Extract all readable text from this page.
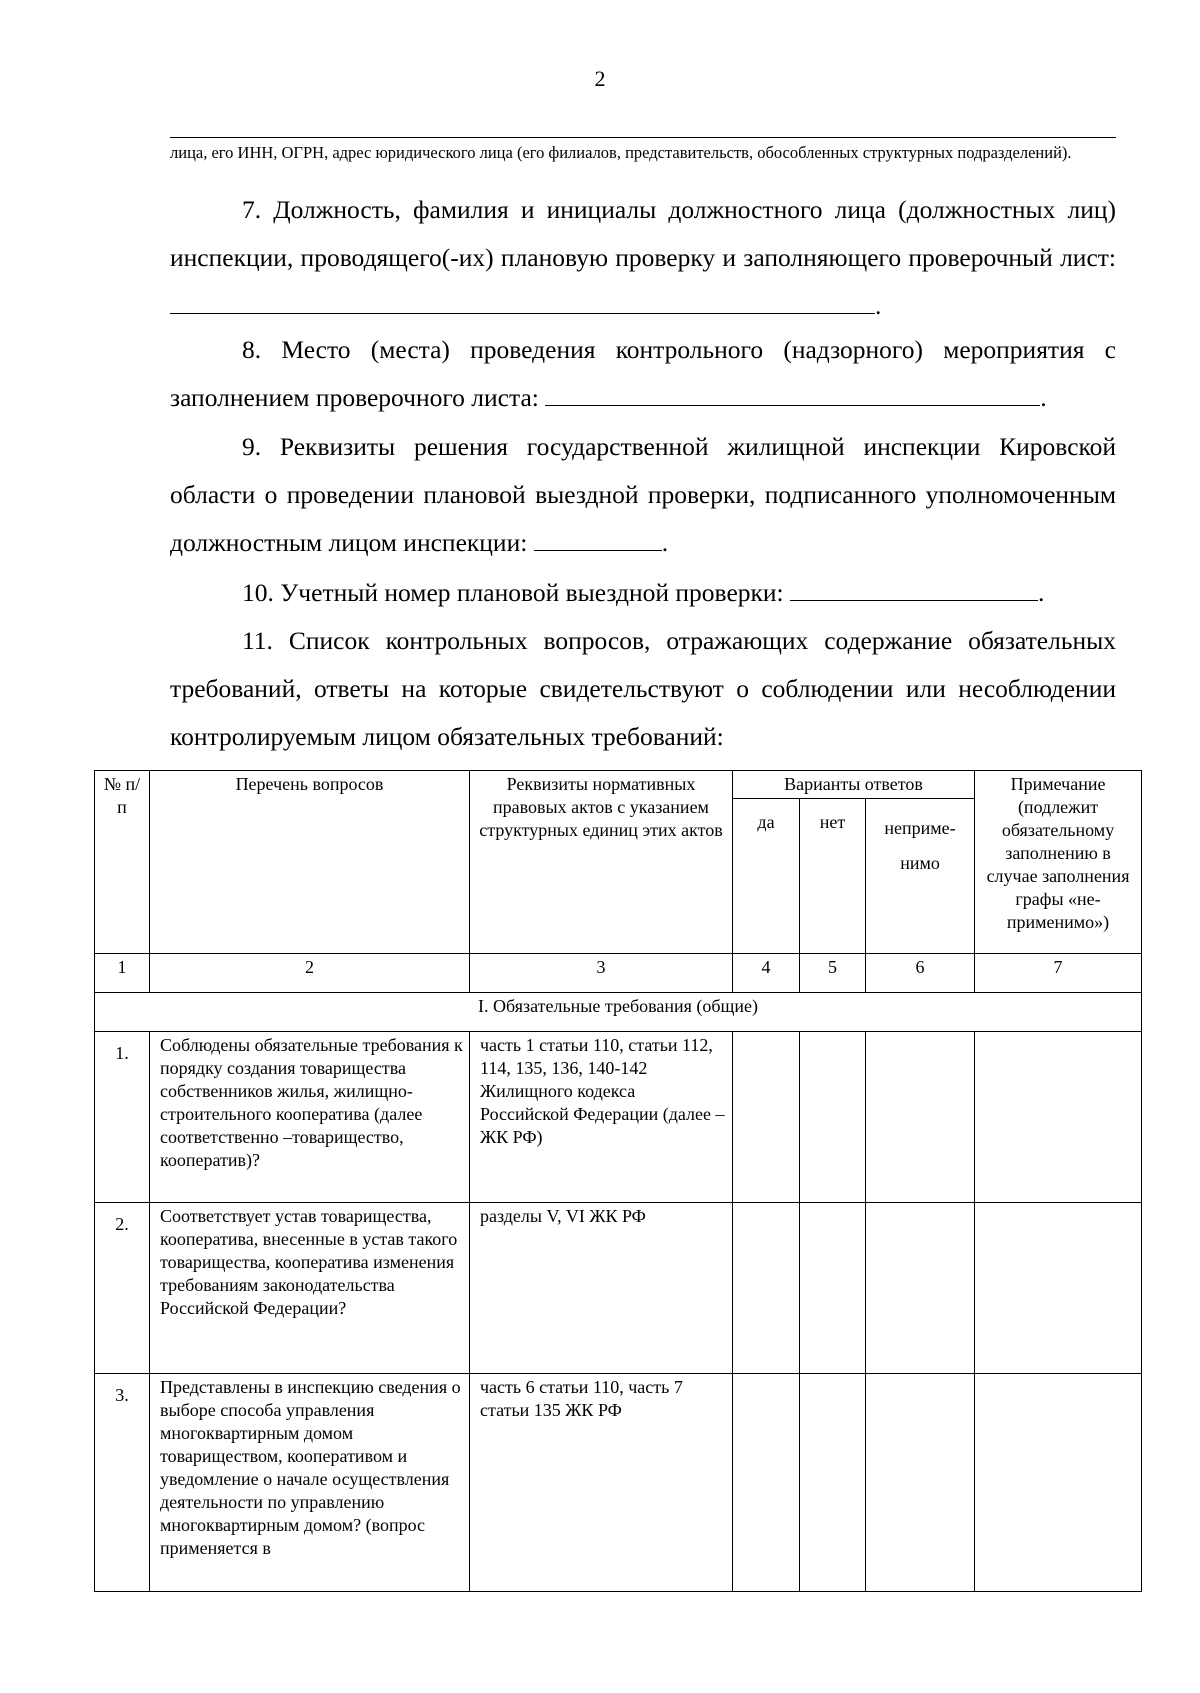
2
лица, его ИНН, ОГРН, адрес юридического лица (его филиалов, представительств, обособленных структурных подразделений).
7. Должность, фамилия и инициалы должностного лица (должностных лиц) инспекции, проводящего(-их) плановую проверку и заполняющего проверочный лист:.
8. Место (места) проведения контрольного (надзорного) мероприятия с заполнением проверочного листа:	.
9. Реквизиты решения государственной жилищной инспекции Кировской области о проведении плановой выездной проверки, подписанного уполномоченным должностным лицом инспекции:	.
10. Учетный номер плановой выездной проверки:	.
11. Список контрольных вопросов, отражающих содержание обязательных требований, ответы на которые свидетельствуют о соблюдении или несоблюдении контролируемым лицом обязательных требований:
№ п/п	Перечень вопросов	Реквизиты нормативных правовых актов с указанием структурных единиц этих актов	Варианты ответов			Примечание (подлежит обязательному заполнению в случае заполнения графы «не-применимо»)
			да	нет	неприме-нимо	
1	2	3	4	5	6	7
I. Обязательные требования (общие)						
1.	Соблюдены обязательные требования к порядку создания товарищества собственников жилья, жилищно-строительного кооператива (далее соответственно –товарищество, кооператив)?	часть 1 статьи 110, статьи 112, 114, 135, 136, 140-142 Жилищного кодекса Российской Федерации (далее – ЖК РФ)				
2.	Соответствует устав товарищества, кооператива, внесенные в устав такого товарищества, кооператива изменения требованиям законодательства Российской Федерации?	разделы V, VI ЖК РФ				
3.	Представлены в инспекцию сведения о выборе способа управления многоквартирным домом товариществом, кооперативом и уведомление о начале осуществления деятельности по управлению многоквартирным домом? (вопрос применяется в	часть 6 статьи 110, часть 7 статьи 135 ЖК РФ				
